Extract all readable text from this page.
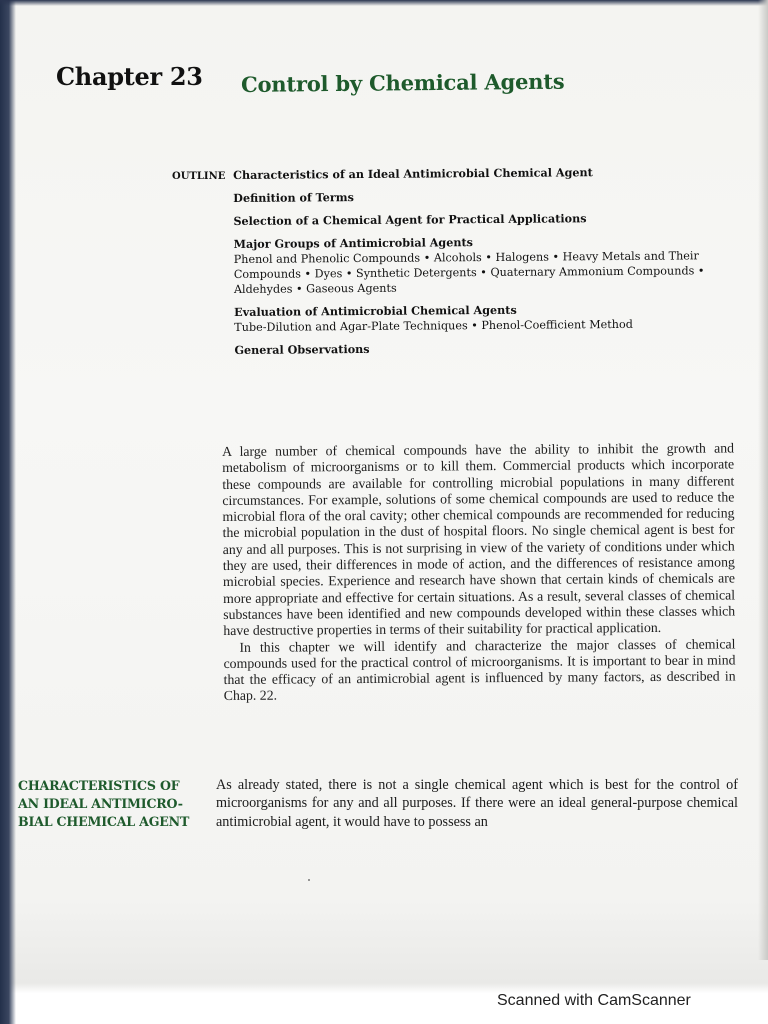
Chapter 23 Control by Chemical Agents
OUTLINE Characteristics of an Ideal Antimicrobial Chemical Agent
Definition of Terms
Selection of a Chemical Agent for Practical Applications
Major Groups of Antimicrobial Agents
Phenol and Phenolic Compounds • Alcohols • Halogens • Heavy Metals and Their Compounds • Dyes • Synthetic Detergents • Quaternary Ammonium Compounds • Aldehydes • Gaseous Agents
Evaluation of Antimicrobial Chemical Agents
Tube-Dilution and Agar-Plate Techniques • Phenol-Coefficient Method
General Observations

A large number of chemical compounds have the ability to inhibit the growth and metabolism of microorganisms or to kill them. Commercial products which incorporate these compounds are available for controlling microbial populations in many different circumstances. For example, solutions of some chemical compounds are used to reduce the microbial flora of the oral cavity; other chemical compounds are recommended for reducing the microbial population in the dust of hospital floors. No single chemical agent is best for any and all purposes. This is not surprising in view of the variety of conditions under which they are used, their differences in mode of action, and the differences of resistance among microbial species. Experience and research have shown that certain kinds of chemicals are more appropriate and effective for certain situations. As a result, several classes of chemical substances have been identified and new compounds developed within these classes which have destructive properties in terms of their suitability for practical application.

In this chapter we will identify and characterize the major classes of chemical compounds used for the practical control of microorganisms. It is important to bear in mind that the efficacy of an antimicrobial agent is influenced by many factors, as described in Chap. 22.

CHARACTERISTICS OF
AN IDEAL ANTIMICRO-
BIAL CHEMICAL AGENT

As already stated, there is not a single chemical agent which is best for the control of microorganisms for any and all purposes. If there were an ideal general-purpose chemical antimicrobial agent, it would have to possess an

Scanned with CamScanner
